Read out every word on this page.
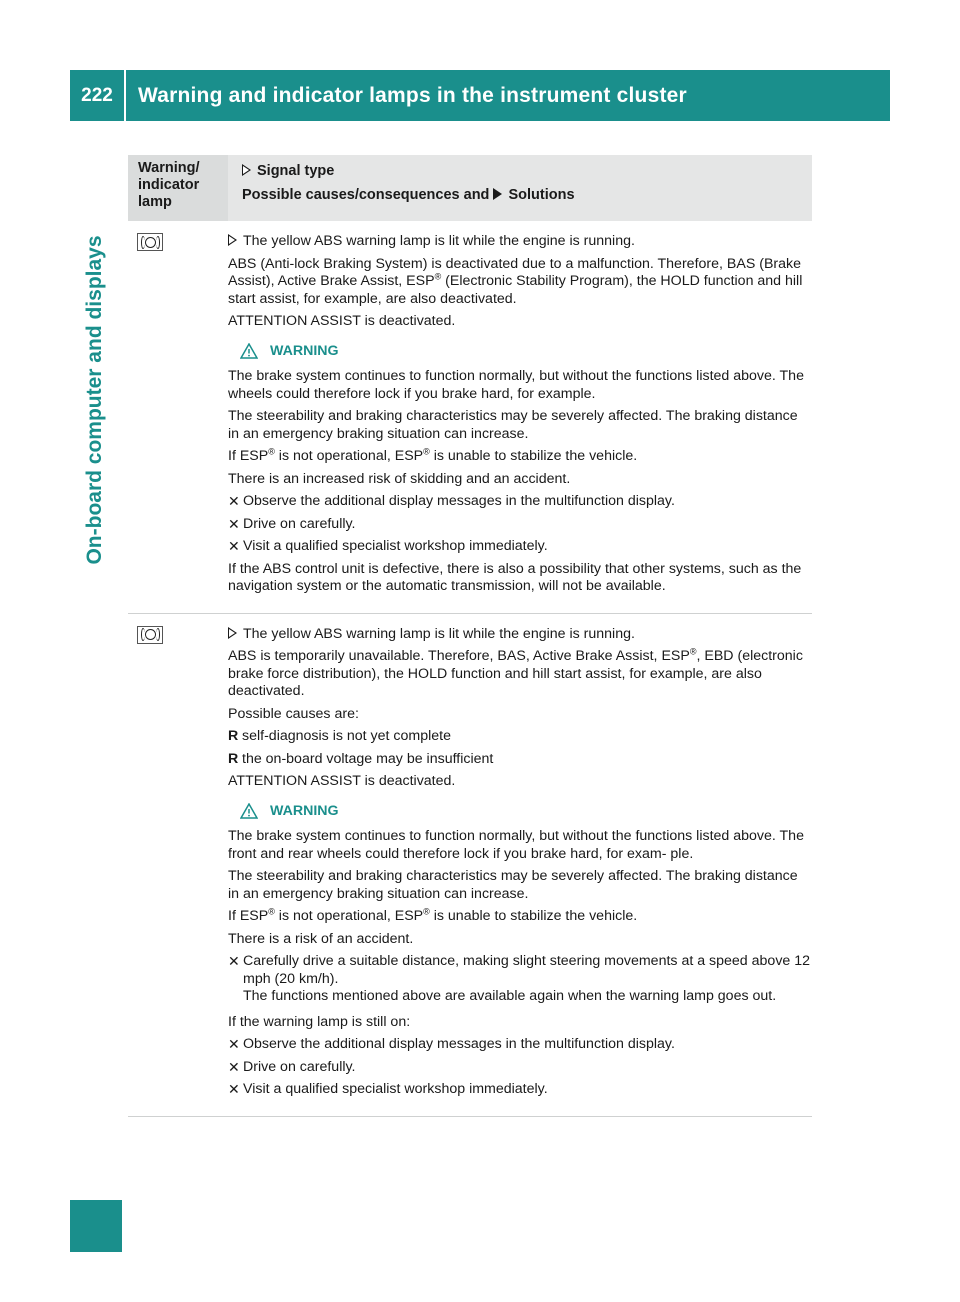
222	Warning and indicator lamps in the instrument cluster
On-board computer and displays
Warning/
indicator
lamp
Signal type
Possible causes/consequences and Solutions

The yellow ABS warning lamp is lit while the engine is running.

ABS (Anti-lock Braking System) is deactivated due to a malfunction. Therefore, BAS (Brake Assist), Active Brake Assist, ESP® (Electronic Stability Program), the HOLD function and hill start assist, for example, are also deactivated.

ATTENTION ASSIST is deactivated.

WARNING

The brake system continues to function normally, but without the functions listed above. The wheels could therefore lock if you brake hard, for example.

The steerability and braking characteristics may be severely affected. The braking distance in an emergency braking situation can increase.

If ESP® is not operational, ESP® is unable to stabilize the vehicle.

There is an increased risk of skidding and an accident.

✕ Observe the additional display messages in the multifunction display.
✕ Drive on carefully.
✕ Visit a qualified specialist workshop immediately.

If the ABS control unit is defective, there is also a possibility that other systems, such as the navigation system or the automatic transmission, will not be available.

The yellow ABS warning lamp is lit while the engine is running.

ABS is temporarily unavailable. Therefore, BAS, Active Brake Assist, ESP®, EBD (electronic brake force distribution), the HOLD function and hill start assist, for example, are also deactivated.

Possible causes are:

R self-diagnosis is not yet complete
R the on-board voltage may be insufficient

ATTENTION ASSIST is deactivated.

WARNING

The brake system continues to function normally, but without the functions listed above. The front and rear wheels could therefore lock if you brake hard, for exam- ple.

The steerability and braking characteristics may be severely affected. The braking distance in an emergency braking situation can increase.

If ESP® is not operational, ESP® is unable to stabilize the vehicle.

There is a risk of an accident.

✕ Carefully drive a suitable distance, making slight steering movements at a speed above 12 mph (20 km/h).
The functions mentioned above are available again when the warning lamp goes out.

If the warning lamp is still on:

✕ Observe the additional display messages in the multifunction display.
✕ Drive on carefully.
✕ Visit a qualified specialist workshop immediately.
